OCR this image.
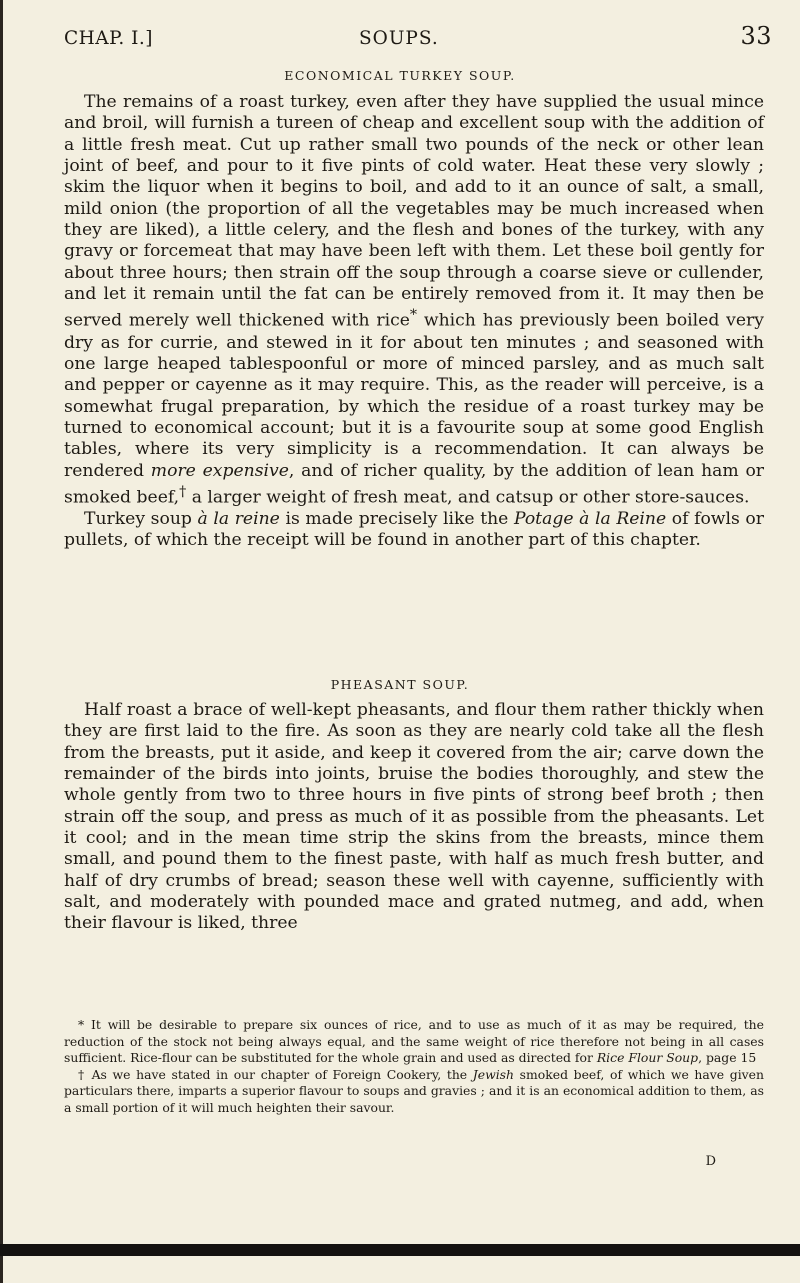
CHAP. I.]	SOUPS.	33
ECONOMICAL TURKEY SOUP.

The remains of a roast turkey, even after they have supplied the usual mince and broil, will furnish a tureen of cheap and excellent soup with the addition of a little fresh meat. Cut up rather small two pounds of the neck or other lean joint of beef, and pour to it five pints of cold water. Heat these very slowly ; skim the liquor when it begins to boil, and add to it an ounce of salt, a small, mild onion (the proportion of all the vegetables may be much increased when they are liked), a little celery, and the flesh and bones of the turkey, with any gravy or forcemeat that may have been left with them. Let these boil gently for about three hours; then strain off the soup through a coarse sieve or cullender, and let it remain until the fat can be entirely removed from it. It may then be served merely well thickened with rice* which has previously been boiled very dry as for currie, and stewed in it for about ten minutes ; and seasoned with one large heaped tablespoonful or more of minced parsley, and as much salt and pepper or cayenne as it may require. This, as the reader will perceive, is a somewhat frugal preparation, by which the residue of a roast turkey may be turned to economical account; but it is a favourite soup at some good English tables, where its very simplicity is a recommendation. It can always be rendered more expensive, and of richer quality, by the addition of lean ham or smoked beef,† a larger weight of fresh meat, and catsup or other store-sauces.

Turkey soup à la reine is made precisely like the Potage à la Reine of fowls or pullets, of which the receipt will be found in another part of this chapter.

PHEASANT SOUP.

Half roast a brace of well-kept pheasants, and flour them rather thickly when they are first laid to the fire. As soon as they are nearly cold take all the flesh from the breasts, put it aside, and keep it covered from the air; carve down the remainder of the birds into joints, bruise the bodies thoroughly, and stew the whole gently from two to three hours in five pints of strong beef broth ; then strain off the soup, and press as much of it as possible from the pheasants. Let it cool; and in the mean time strip the skins from the breasts, mince them small, and pound them to the finest paste, with half as much fresh butter, and half of dry crumbs of bread; season these well with cayenne, sufficiently with salt, and moderately with pounded mace and grated nutmeg, and add, when their flavour is liked, three

* It will be desirable to prepare six ounces of rice, and to use as much of it as may be required, the reduction of the stock not being always equal, and the same weight of rice therefore not being in all cases sufficient. Rice-flour can be substituted for the whole grain and used as directed for Rice Flour Soup, page 15

† As we have stated in our chapter of Foreign Cookery, the Jewish smoked beef, of which we have given particulars there, imparts a superior flavour to soups and gravies ; and it is an economical addition to them, as a small portion of it will much heighten their savour.

D
